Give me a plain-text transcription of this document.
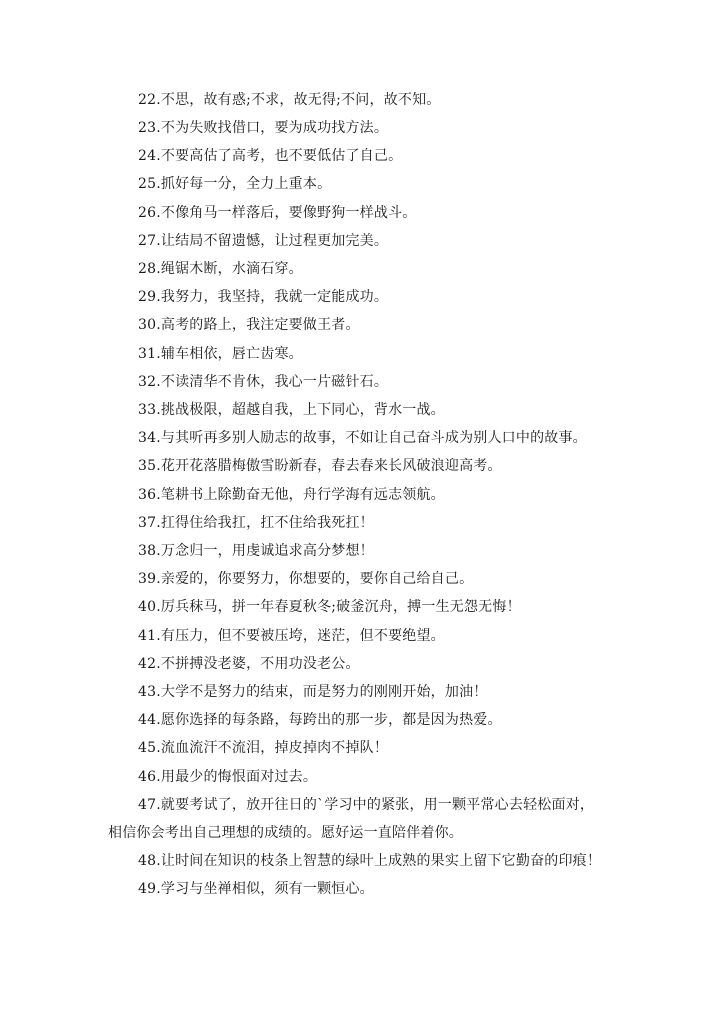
22.不思，故有惑;不求，故无得;不问，故不知。
23.不为失败找借口，要为成功找方法。
24.不要高估了高考，也不要低估了自己。
25.抓好每一分，全力上重本。
26.不像角马一样落后，要像野狗一样战斗。
27.让结局不留遗憾，让过程更加完美。
28.绳锯木断，水滴石穿。
29.我努力，我坚持，我就一定能成功。
30.高考的路上，我注定要做王者。
31.辅车相依，唇亡齿寒。
32.不读清华不肯休，我心一片磁针石。
33.挑战极限，超越自我，上下同心，背水一战。
34.与其听再多别人励志的故事，不如让自己奋斗成为别人口中的故事。
35.花开花落腊梅傲雪盼新春，春去春来长风破浪迎高考。
36.笔耕书上除勤奋无他，舟行学海有远志领航。
37.扛得住给我扛，扛不住给我死扛！
38.万念归一，用虔诚追求高分梦想！
39.亲爱的，你要努力，你想要的，要你自己给自己。
40.厉兵秣马，拼一年春夏秋冬;破釜沉舟，搏一生无怨无悔！
41.有压力，但不要被压垮，迷茫，但不要绝望。
42.不拼搏没老婆，不用功没老公。
43.大学不是努力的结束，而是努力的刚刚开始，加油！
44.愿你选择的每条路，每跨出的那一步，都是因为热爱。
45.流血流汗不流泪，掉皮掉肉不掉队！
46.用最少的悔恨面对过去。
47.就要考试了，放开往日的`学习中的紧张，用一颗平常心去轻松面对，
相信你会考出自己理想的成绩的。愿好运一直陪伴着你。
48.让时间在知识的枝条上智慧的绿叶上成熟的果实上留下它勤奋的印痕！
49.学习与坐禅相似，须有一颗恒心。
